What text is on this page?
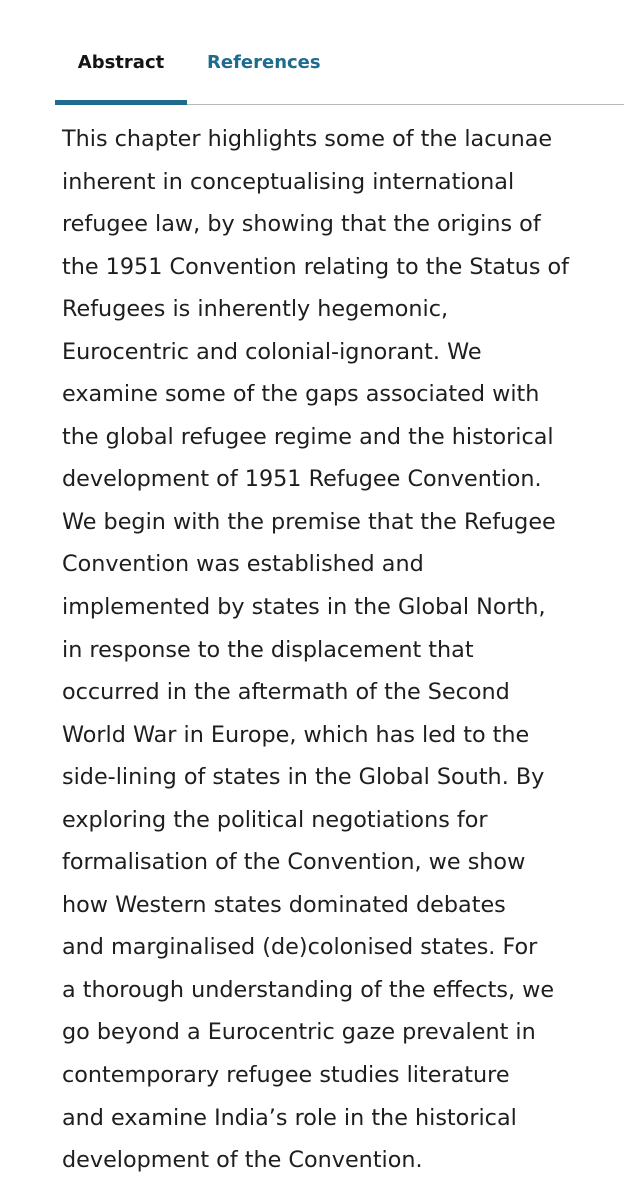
Abstract	References

This chapter highlights some of the lacunae
inherent in conceptualising international
refugee law, by showing that the origins of
the 1951 Convention relating to the Status of
Refugees is inherently hegemonic,
Eurocentric and colonial-ignorant. We
examine some of the gaps associated with
the global refugee regime and the historical
development of 1951 Refugee Convention.
We begin with the premise that the Refugee
Convention was established and
implemented by states in the Global North,
in response to the displacement that
occurred in the aftermath of the Second
World War in Europe, which has led to the
side-lining of states in the Global South. By
exploring the political negotiations for
formalisation of the Convention, we show
how Western states dominated debates
and marginalised (de)colonised states. For
a thorough understanding of the effects, we
go beyond a Eurocentric gaze prevalent in
contemporary refugee studies literature
and examine India’s role in the historical
development of the Convention.
